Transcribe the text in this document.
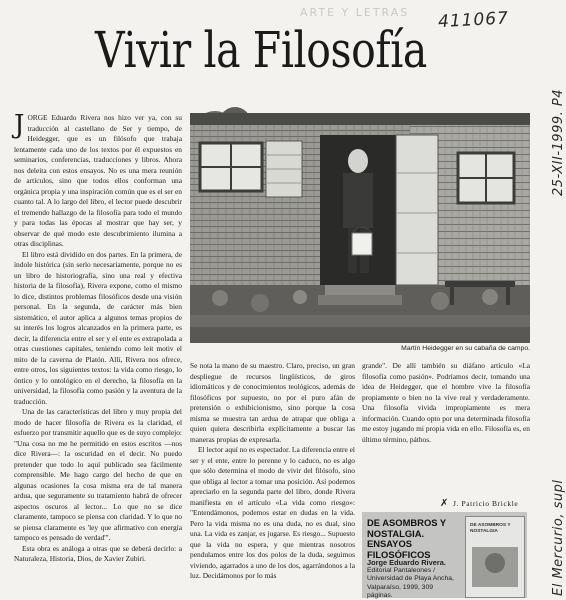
ARTE Y LETRAS 411067
Vivir la Filosofía

JORGE Eduardo Rivera nos hizo ver ya, con su traducción al castellano de Ser y tiempo, de Heidegger, que es un filósofo que trabaja lentamente cada uno de los textos por él expuestos en seminarios, conferencias, traducciones y libros. Ahora nos deleita con estos ensayos. No es una mera reunión de artículos, sino que todos ellos conforman una orgánica propia y una inspiración común que es el ser en cuanto tal. A lo largo del libro, el lector puede descubrir el tremendo hallazgo de la filosofía para todo el mundo y para todas las épocas al mostrar que hay ser, y observar de qué modo este descubrimiento ilumina a otras disciplinas.

El libro está dividido en dos partes. En la primera, de índole histórica (sin serlo necesariamente, porque no es un libro de historiografía, sino una real y efectiva historia de la filosofía), Rivera expone, como el mismo lo dice, distintos problemas filosóficos desde una visión personal. En la segunda, de carácter más bien sistemático, el autor aplica a algunos temas propios de su interés los logros alcanzados en la primera parte, es decir, la diferencia entre el ser y el ente es extrapolada a otras cuestiones capitales, teniendo como leit motiv el mito de la caverna de Platón. Allí, Rivera nos ofrece, entre otros, los siguientes textos: la vida como riesgo, lo óntico y lo ontológico en el derecho, la filosofía en la universidad, la filosofía como pasión y la aventura de la traducción.

Una de las características del libro y muy propia del modo de hacer filosofía de Rivera es la claridad, el esfuerzo por transmitir aquello que es de suyo complejo: "Una cosa no me he permitido en estos escritos —nos dice Rivera—: la oscuridad en el decir. No puedo pretender que todo lo aquí publicado sea fácilmente comprensible. Me hago cargo del hecho de que en algunas ocasiones la cosa misma era de tal manera ardua, que seguramente su tratamiento habrá de ofrecer aspectos oscuros al lector... Lo que no se dice claramente, tampoco se piensa con claridad. Y lo que no se piensa claramente es 'ley que afirmativo con energía tampoco es pensado de verdad'".

Esta obra es análoga a otras que se deberá decirlo: a Naturaleza, Historia, Dios, de Xavier Zubiri.

Martín Heidegger en su cabaña de campo.

Se nota la mano de su maestro. Claro, preciso, un gran despliegue de recursos lingüísticos, de giros idiomáticos y de conocimientos teológicos, además de filosóficos por supuesto, no por el puro afán de pretensión o exhibicionismo, sino porque la cosa misma se muestra tan ardua de atrapar que obliga a quien quiera describirla explícitamente a buscar las maneras propias de expresarla.

El lector aquí no es espectador. La diferencia entre el ser y el ente, entre lo perenne y lo caduco, no es algo que sólo determina el modo de vivir del filósofo, sino que obliga al lector a tomar una posición. Así podemos apreciarlo en la segunda parte del libro, donde Rivera manifiesta en el artículo «La vida como riesgo»: "Entendámonos, podemos estar en dudas en la vida. Pero la vida misma no es una duda, no es dual, sino una. La vida es zanjar, es jugarse. Es riesgo... Supuesto que la vida no espera, y que mientras nosotros pendulamos entre los dos polos de la duda, seguimos viviendo, agarrados a uno de los dos, agarrándonos a la luz. Decidámonos por lo más

grande". De allí también su diáfano artículo «La filosofía como pasión». Podríamos decir, tomando una idea de Heidegger, que el hombre vive la filosofía propiamente o bien no la vive real y verdaderamente. Una filosofía vivida impropiamente es mera información. Cuando opto por una determinada filosofía me estoy jugando mi propia vida en ello. Filosofía es, en último término, páthos.

✗ J. Patricio Brickle
DE ASOMBROS Y NOSTALGIA. ENSAYOS FILOSÓFICOS
Jorge Eduardo Rivera.
Editorial Pantaleones / Universidad de Playa Ancha, Valparaíso, 1999, 309 páginas.
DE ASOMBROS Y NOSTALGIA	El Mercurio, supl
25-XII-1999. P4
